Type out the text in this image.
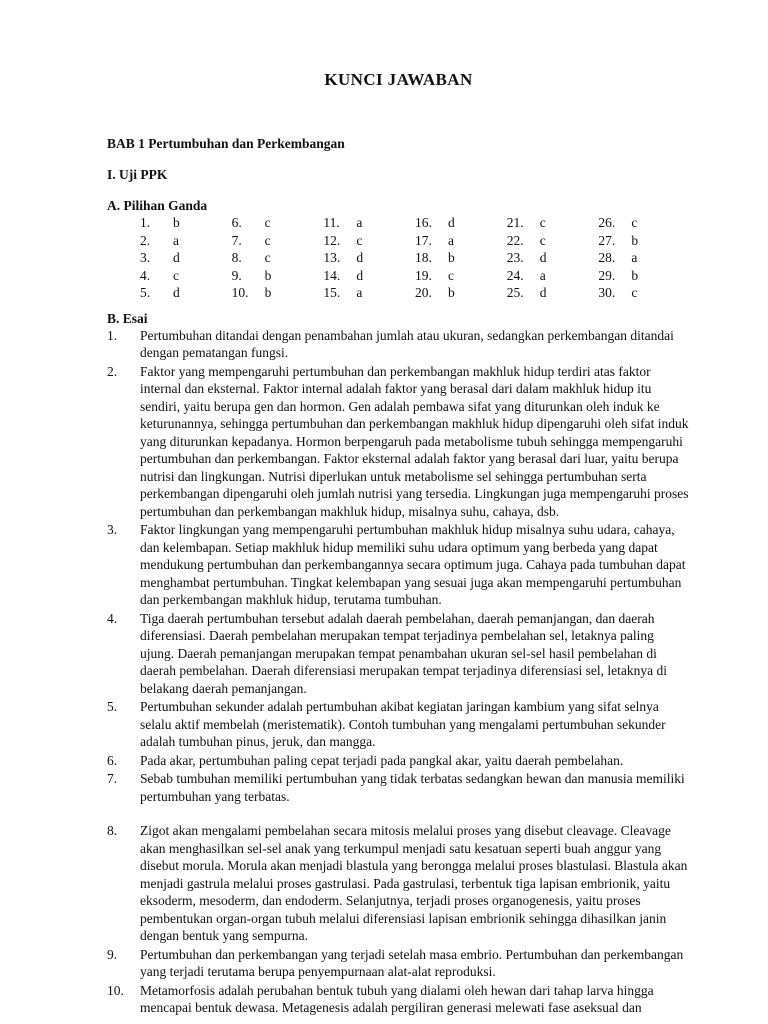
KUNCI JAWABAN
BAB 1 Pertumbuhan dan Perkembangan
I. Uji PPK
A. Pilihan Ganda
1.	b	6.	c	11.	a	16.	d	21.	c	26.	c
2.	a	7.	c	12.	c	17.	a	22.	c	27.	b
3.	d	8.	c	13.	d	18.	b	23.	d	28.	a
4.	c	9.	b	14.	d	19.	c	24.	a	29.	b
5.	d	10.	b	15.	a	20.	b	25.	d	30.	c
B. Esai
1.	Pertumbuhan ditandai dengan penambahan jumlah atau ukuran, sedangkan perkembangan ditandai dengan pematangan fungsi.
2.	Faktor yang mempengaruhi pertumbuhan dan perkembangan makhluk hidup terdiri atas faktor internal dan eksternal. Faktor internal adalah faktor yang berasal dari dalam makhluk hidup itu sendiri, yaitu berupa gen dan hormon. Gen adalah pembawa sifat yang diturunkan oleh induk ke keturunannya, sehingga pertumbuhan dan perkembangan makhluk hidup dipengaruhi oleh sifat induk yang diturunkan kepadanya. Hormon berpengaruh pada metabolisme tubuh sehingga mempengaruhi pertumbuhan dan perkembangan. Faktor eksternal adalah faktor yang berasal dari luar, yaitu berupa nutrisi dan lingkungan. Nutrisi diperlukan untuk metabolisme sel sehingga pertumbuhan serta perkembangan dipengaruhi oleh jumlah nutrisi yang tersedia. Lingkungan juga mempengaruhi proses pertumbuhan dan perkembangan makhluk hidup, misalnya suhu, cahaya, dsb.
3.	Faktor lingkungan yang mempengaruhi pertumbuhan makhluk hidup misalnya suhu udara, cahaya, dan kelembapan. Setiap makhluk hidup memiliki suhu udara optimum yang berbeda yang dapat mendukung pertumbuhan dan perkembangannya secara optimum juga. Cahaya pada tumbuhan dapat menghambat pertumbuhan. Tingkat kelembapan yang sesuai juga akan mempengaruhi pertumbuhan dan perkembangan makhluk hidup, terutama tumbuhan.
4.	Tiga daerah pertumbuhan tersebut adalah daerah pembelahan, daerah pemanjangan, dan daerah diferensiasi. Daerah pembelahan merupakan tempat terjadinya pembelahan sel, letaknya paling ujung. Daerah pemanjangan merupakan tempat penambahan ukuran sel-sel hasil pembelahan di daerah pembelahan. Daerah diferensiasi merupakan tempat terjadinya diferensiasi sel, letaknya di belakang daerah pemanjangan.
5.	Pertumbuhan sekunder adalah pertumbuhan akibat kegiatan jaringan kambium yang sifat selnya selalu aktif membelah (meristematik). Contoh tumbuhan yang mengalami pertumbuhan sekunder adalah tumbuhan pinus, jeruk, dan mangga.
6.	Pada akar, pertumbuhan paling cepat terjadi pada pangkal akar, yaitu daerah pembelahan.
7.	Sebab tumbuhan memiliki pertumbuhan yang tidak terbatas sedangkan hewan dan manusia memiliki pertumbuhan yang terbatas.
8.	Zigot akan mengalami pembelahan secara mitosis melalui proses yang disebut cleavage. Cleavage akan menghasilkan sel-sel anak yang terkumpul menjadi satu kesatuan seperti buah anggur yang disebut morula. Morula akan menjadi blastula yang berongga melalui proses blastulasi. Blastula akan menjadi gastrula melalui proses gastrulasi. Pada gastrulasi, terbentuk tiga lapisan embrionik, yaitu eksoderm, mesoderm, dan endoderm. Selanjutnya, terjadi proses organogenesis, yaitu proses pembentukan organ-organ tubuh melalui diferensiasi lapisan embrionik sehingga dihasilkan janin dengan bentuk yang sempurna.
9.	Pertumbuhan dan perkembangan yang terjadi setelah masa embrio. Pertumbuhan dan perkembangan yang terjadi terutama berupa penyempurnaan alat-alat reproduksi.
10.	Metamorfosis adalah perubahan bentuk tubuh yang dialami oleh hewan dari tahap larva hingga mencapai bentuk dewasa. Metagenesis adalah pergiliran generasi melewati fase aseksual dan
